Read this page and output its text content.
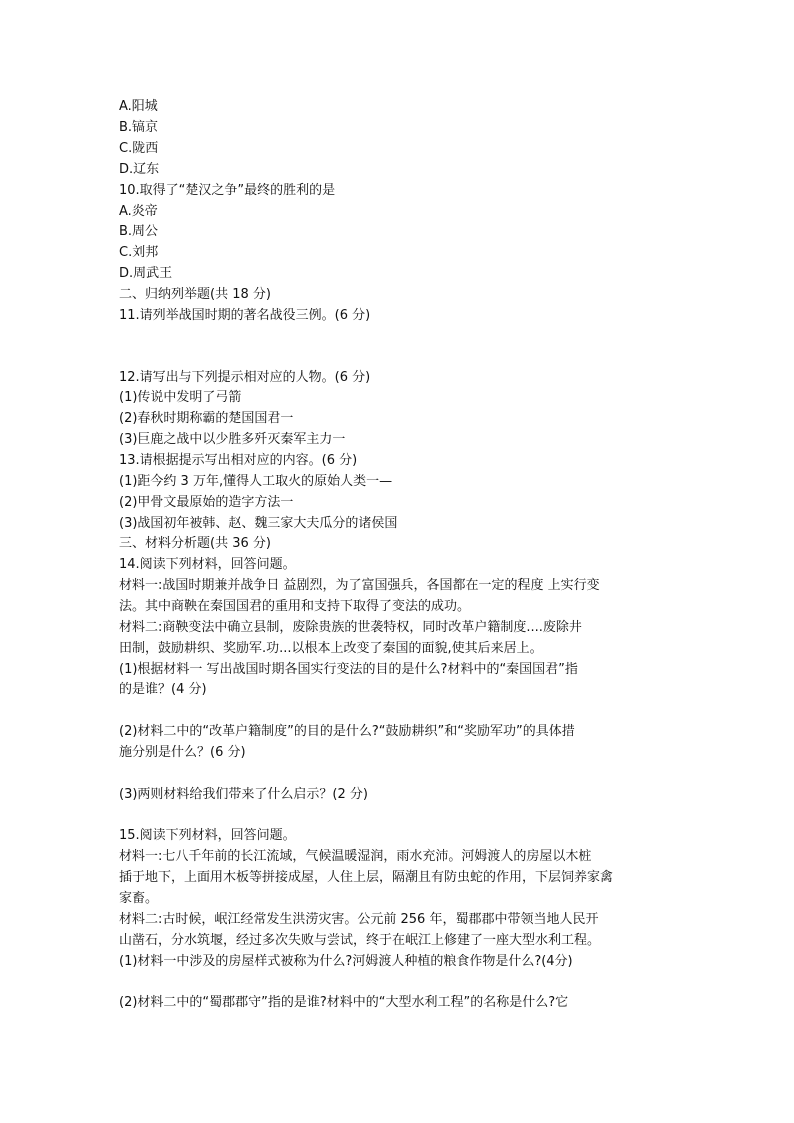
A.阳城
B.镐京
C.陇西
D.辽东
10.取得了“楚汉之争”最终的胜利的是
A.炎帝
B.周公
C.刘邦
D.周武王
二、归纳列举题(共 18 分)
11.请列举战国时期的著名战役三例。(6 分)
12.请写出与下列提示相对应的人物。(6 分)
(1)传说中发明了弓箭
(2)春秋时期称霸的楚国国君一
(3)巨鹿之战中以少胜多歼灭秦军主力一
13.请根据提示写出相对应的内容。(6 分)
(1)距今约 3 万年,懂得人工取火的原始人类一—
(2)甲骨文最原始的造字方法一
(3)战国初年被韩、赵、魏三家大夫瓜分的诸侯国
三、材料分析题(共 36 分)
14.阅读下列材料，回答问题。
材料一:战国时期兼并战争日 益剧烈，为了富国强兵，各国都在一定的程度 上实行变
法。其中商鞅在秦国国君的重用和支持下取得了变法的成功。
材料二:商鞅变法中确立县制，废除贵族的世袭特权，同时改革户籍制度....废除井
田制，鼓励耕织、奖励军.功...以根本上改变了秦国的面貌,使其后来居上。
(1)根据材料一 写出战国时期各国实行变法的目的是什么?材料中的“秦国国君”指
的是谁？(4 分)
(2)材料二中的“改革户籍制度”的目的是什么?“鼓励耕织”和“奖励军功”的具体措
施分别是什么？(6 分)
(3)两则材料给我们带来了什么启示？(2 分)
15.阅读下列材料，回答问题。
材料一:七八千年前的长江流域，气候温暖湿润，雨水充沛。河姆渡人的房屋以木桩
插于地下，上面用木板等拼接成屋，人住上层，隔潮且有防虫蛇的作用，下层饲养家禽
家畜。
材料二:古时候，岷江经常发生洪涝灾害。公元前 256 年，蜀郡郡中带领当地人民开
山凿石，分水筑堰，经过多次失败与尝试，终于在岷江上修建了一座大型水利工程。
(1)材料一中涉及的房屋样式被称为什么?河姆渡人种植的粮食作物是什么?(4分)
(2)材料二中的“蜀郡郡守”指的是谁?材料中的“大型水利工程”的名称是什么?它
